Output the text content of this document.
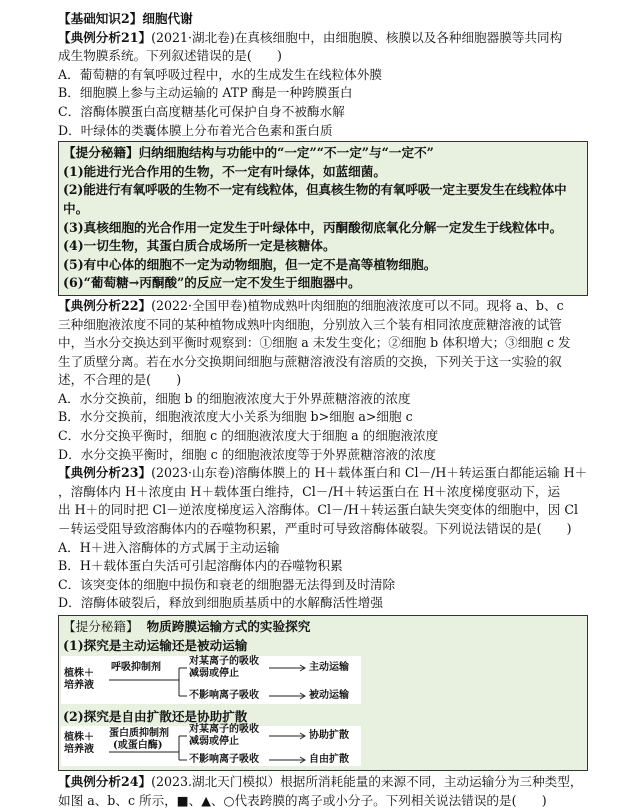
【基础知识2】细胞代谢
【典例分析21】(2021·湖北卷)在真核细胞中，由细胞膜、核膜以及各种细胞器膜等共同构
成生物膜系统。下列叙述错误的是(　　)
A．葡萄糖的有氧呼吸过程中，水的生成发生在线粒体外膜
B．细胞膜上参与主动运输的 ATP 酶是一种跨膜蛋白
C．溶酶体膜蛋白高度糖基化可保护自身不被酶水解
D．叶绿体的类囊体膜上分布着光合色素和蛋白质
【提分秘籍】归纳细胞结构与功能中的“一定”“不一定”与“一定不”
(1)能进行光合作用的生物，不一定有叶绿体，如蓝细菌。
(2)能进行有氧呼吸的生物不一定有线粒体，但真核生物的有氧呼吸一定主要发生在线粒体中
中。
(3)真核细胞的光合作用一定发生于叶绿体中，丙酮酸彻底氧化分解一定发生于线粒体中。
(4)一切生物，其蛋白质合成场所一定是核糖体。
(5)有中心体的细胞不一定为动物细胞，但一定不是高等植物细胞。
(6)“葡萄糖→丙酮酸”的反应一定不发生于细胞器中。
【典例分析22】(2022·全国甲卷)植物成熟叶肉细胞的细胞液浓度可以不同。现将 a、b、c
三种细胞液浓度不同的某种植物成熟叶肉细胞，分别放入三个装有相同浓度蔗糖溶液的试管
中，当水分交换达到平衡时观察到：①细胞 a 未发生变化；②细胞 b 体积增大；③细胞 c 发
生了质壁分离。若在水分交换期间细胞与蔗糖溶液没有溶质的交换，下列关于这一实验的叙
述，不合理的是(　　)
A．水分交换前，细胞 b 的细胞液浓度大于外界蔗糖溶液的浓度
B．水分交换前，细胞液浓度大小关系为细胞 b>细胞 a>细胞 c
C．水分交换平衡时，细胞 c 的细胞液浓度大于细胞 a 的细胞液浓度
D．水分交换平衡时，细胞 c 的细胞液浓度等于外界蔗糖溶液的浓度
【典例分析23】(2023·山东卷)溶酶体膜上的 H＋载体蛋白和 Cl－/H＋转运蛋白都能运输 H＋
，溶酶体内 H＋浓度由 H＋载体蛋白维持，Cl－/H＋转运蛋白在 H＋浓度梯度驱动下，运
出 H＋的同时把 Cl－逆浓度梯度运入溶酶体。Cl－/H＋转运蛋白缺失突变体的细胞中，因 Cl
－转运受阻导致溶酶体内的吞噬物积累，严重时可导致溶酶体破裂。下列说法错误的是(　　)
A．H＋进入溶酶体的方式属于主动运输
B．H＋载体蛋白失活可引起溶酶体内的吞噬物积累
C．该突变体的细胞中损伤和衰老的细胞器无法得到及时清除
D．溶酶体破裂后，释放到细胞质基质中的水解酶活性增强
【提分秘籍】 物质跨膜运输方式的实验探究
(1)探究是主动运输还是被动运输
植株＋
培养液
呼吸抑制剂
对某离子的吸收
减弱或停止
主动运输
不影响离子吸收	被动运输
(2)探究是自由扩散还是协助扩散
植株＋
培养液
蛋白质抑制剂
(或蛋白酶)
对某离子的吸收
减弱或停止
协助扩散
不影响离子吸收	自由扩散
【典例分析24】(2023.湖北天门模拟）根据所消耗能量的来源不同，主动运输分为三种类型，
如图 a、b、c 所示，■、▲、○代表跨膜的离子或小分子。下列相关说法错误的是(　　)
